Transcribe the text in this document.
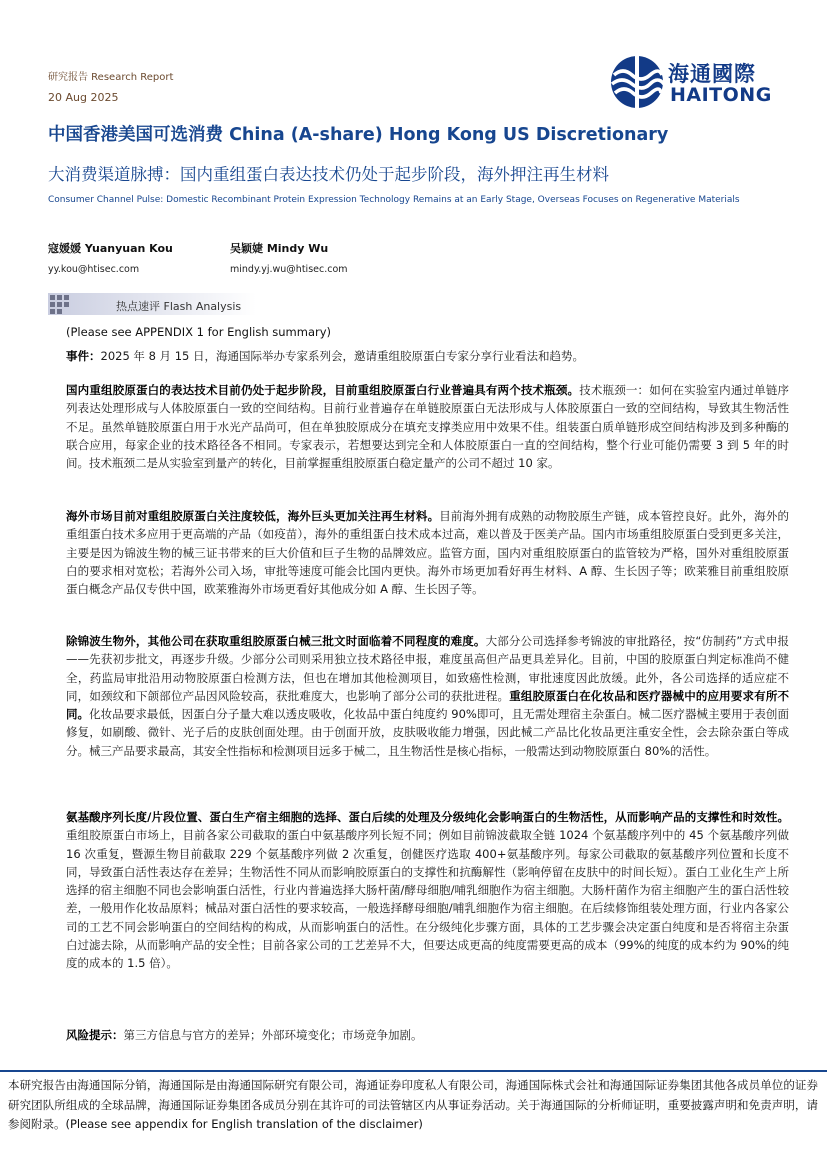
研究报告 Research Report
20 Aug 2025
海通國際
HAITONG
中国香港美国可选消费 China (A-share) Hong Kong US Discretionary
大消费渠道脉搏：国内重组蛋白表达技术仍处于起步阶段，海外押注再生材料
Consumer Channel Pulse: Domestic Recombinant Protein Expression Technology Remains at an Early Stage, Overseas Focuses on Regenerative Materials
寇媛媛 Yuanyuan Kou
yy.kou@htisec.com
吴颖婕 Mindy Wu
mindy.yj.wu@htisec.com
热点速评 Flash Analysis
(Please see APPENDIX 1 for English summary)
事件：2025 年 8 月 15 日，海通国际举办专家系列会，邀请重组胶原蛋白专家分享行业看法和趋势。
国内重组胶原蛋白的表达技术目前仍处于起步阶段，目前重组胶原蛋白行业普遍具有两个技术瓶颈。技术瓶颈一：如何在实验室内通过单链序列表达处理形成与人体胶原蛋白一致的空间结构。目前行业普遍存在单链胶原蛋白无法形成与人体胶原蛋白一致的空间结构，导致其生物活性不足。虽然单链胶原蛋白用于水光产品尚可，但在单独胶原成分在填充支撑类应用中效果不佳。组装蛋白质单链形成空间结构涉及到多种酶的联合应用，每家企业的技术路径各不相同。专家表示，若想要达到完全和人体胶原蛋白一直的空间结构，整个行业可能仍需要 3 到 5 年的时间。技术瓶颈二是从实验室到量产的转化，目前掌握重组胶原蛋白稳定量产的公司不超过 10 家。
海外市场目前对重组胶原蛋白关注度较低，海外巨头更加关注再生材料。目前海外拥有成熟的动物胶原生产链，成本管控良好。此外，海外的重组蛋白技术多应用于更高端的产品（如疫苗），海外的重组蛋白技术成本过高，难以普及于医美产品。国内市场重组胶原蛋白受到更多关注，主要是因为锦波生物的械三证书带来的巨大价值和巨子生物的品牌效应。监管方面，国内对重组胶原蛋白的监管较为严格，国外对重组胶原蛋白的要求相对宽松；若海外公司入场，审批等速度可能会比国内更快。海外市场更加看好再生材料、A 醇、生长因子等；欧莱雅目前重组胶原蛋白概念产品仅专供中国，欧莱雅海外市场更看好其他成分如 A 醇、生长因子等。
除锦波生物外，其他公司在获取重组胶原蛋白械三批文时面临着不同程度的难度。大部分公司选择参考锦波的审批路径，按“仿制药”方式申报——先获初步批文，再逐步升级。少部分公司则采用独立技术路径申报，难度虽高但产品更具差异化。目前，中国的胶原蛋白判定标准尚不健全，药监局审批沿用动物胶原蛋白检测方法，但也在增加其他检测项目，如致癌性检测，审批速度因此放缓。此外，各公司选择的适应症不同，如颈纹和下颌部位产品因风险较高，获批难度大，也影响了部分公司的获批进程。重组胶原蛋白在化妆品和医疗器械中的应用要求有所不同。化妆品要求最低，因蛋白分子量大难以透皮吸收，化妆品中蛋白纯度约 90%即可，且无需处理宿主杂蛋白。械二医疗器械主要用于表创面修复，如刷酸、微针、光子后的皮肤创面处理。由于创面开放，皮肤吸收能力增强，因此械二产品比化妆品更注重安全性，会去除杂蛋白等成分。械三产品要求最高，其安全性指标和检测项目远多于械二，且生物活性是核心指标，一般需达到动物胶原蛋白 80%的活性。
氨基酸序列长度/片段位置、蛋白生产宿主细胞的选择、蛋白后续的处理及分级纯化会影响蛋白的生物活性，从而影响产品的支撑性和时效性。重组胶原蛋白市场上，目前各家公司截取的蛋白中氨基酸序列长短不同；例如目前锦波截取全链 1024 个氨基酸序列中的 45 个氨基酸序列做 16 次重复，暨源生物目前截取 229 个氨基酸序列做 2 次重复，创健医疗选取 400+氨基酸序列。每家公司截取的氨基酸序列位置和长度不同，导致蛋白活性表达存在差异；生物活性不同从而影响胶原蛋白的支撑性和抗酶解性（影响停留在皮肤中的时间长短）。蛋白工业化生产上所选择的宿主细胞不同也会影响蛋白活性，行业内普遍选择大肠杆菌/酵母细胞/哺乳细胞作为宿主细胞。大肠杆菌作为宿主细胞产生的蛋白活性较差，一般用作化妆品原料；械品对蛋白活性的要求较高，一般选择酵母细胞/哺乳细胞作为宿主细胞。在后续修饰组装处理方面，行业内各家公司的工艺不同会影响蛋白的空间结构的构成，从而影响蛋白的活性。在分级纯化步骤方面，具体的工艺步骤会决定蛋白纯度和是否将宿主杂蛋白过滤去除，从而影响产品的安全性；目前各家公司的工艺差异不大，但要达成更高的纯度需要更高的成本（99%的纯度的成本约为 90%的纯度的成本的 1.5 倍）。
风险提示：第三方信息与官方的差异；外部环境变化；市场竞争加剧。
本研究报告由海通国际分销，海通国际是由海通国际研究有限公司，海通证券印度私人有限公司，海通国际株式会社和海通国际证券集团其他各成员单位的证券研究团队所组成的全球品牌，海通国际证券集团各成员分别在其许可的司法管辖区内从事证券活动。关于海通国际的分析师证明，重要披露声明和免责声明，请参阅附录。(Please see appendix for English translation of the disclaimer)
